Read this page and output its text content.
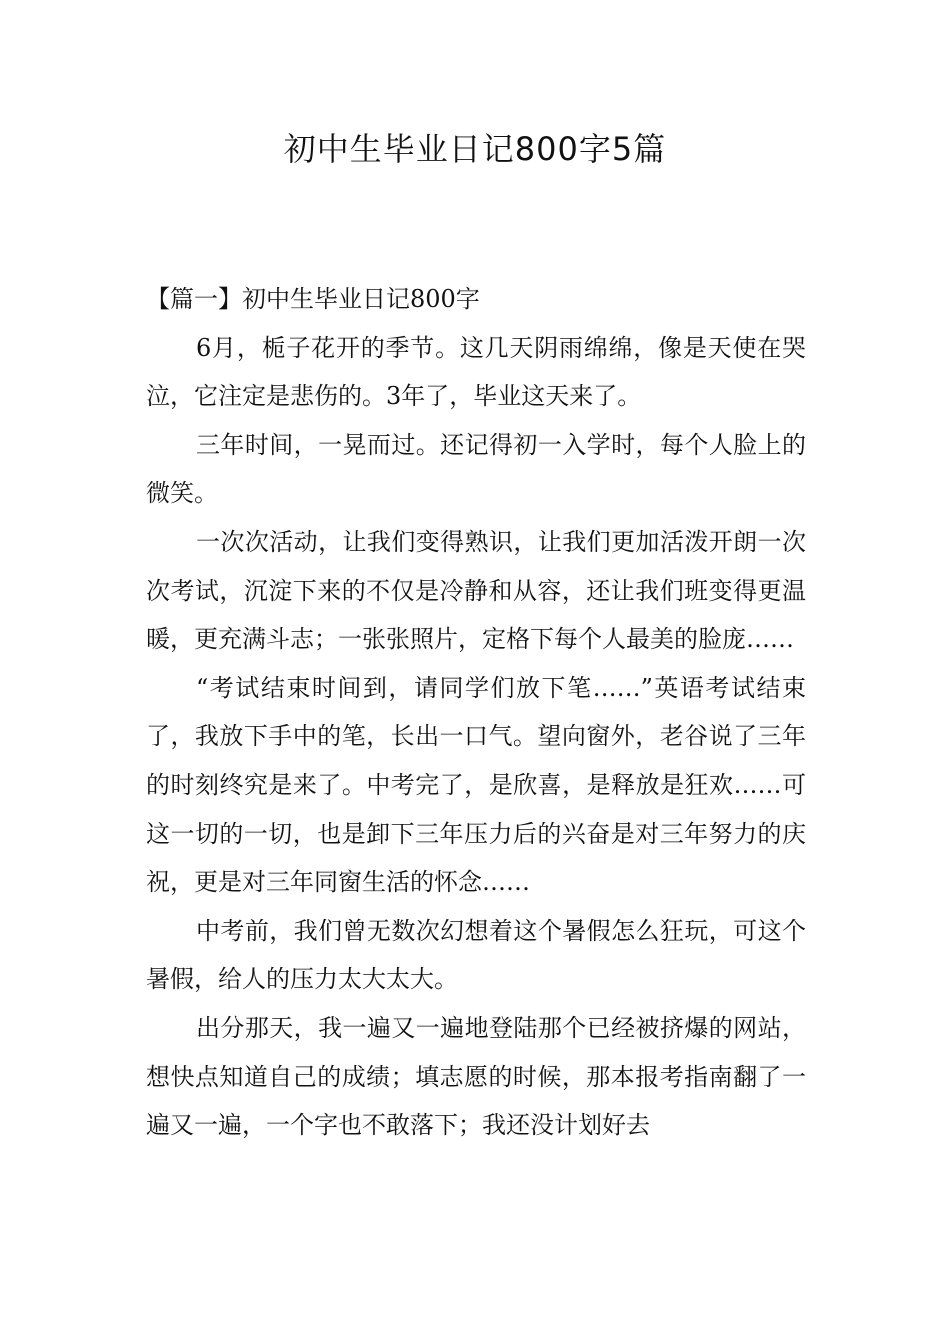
初中生毕业日记800字5篇

【篇一】初中生毕业日记800字

6月，栀子花开的季节。这几天阴雨绵绵，像是天使在哭泣，它注定是悲伤的。3年了，毕业这天来了。

三年时间，一晃而过。还记得初一入学时，每个人脸上的微笑。

一次次活动，让我们变得熟识，让我们更加活泼开朗一次次考试，沉淀下来的不仅是冷静和从容，还让我们班变得更温暖，更充满斗志；一张张照片，定格下每个人最美的脸庞……

“考试结束时间到，请同学们放下笔……”英语考试结束了，我放下手中的笔，长出一口气。望向窗外，老谷说了三年的时刻终究是来了。中考完了，是欣喜，是释放是狂欢……可这一切的一切，也是卸下三年压力后的兴奋是对三年努力的庆祝，更是对三年同窗生活的怀念……

中考前，我们曾无数次幻想着这个暑假怎么狂玩，可这个暑假，给人的压力太大太大。

出分那天，我一遍又一遍地登陆那个已经被挤爆的网站，想快点知道自己的成绩；填志愿的时候，那本报考指南翻了一遍又一遍，一个字也不敢落下；我还没计划好去
